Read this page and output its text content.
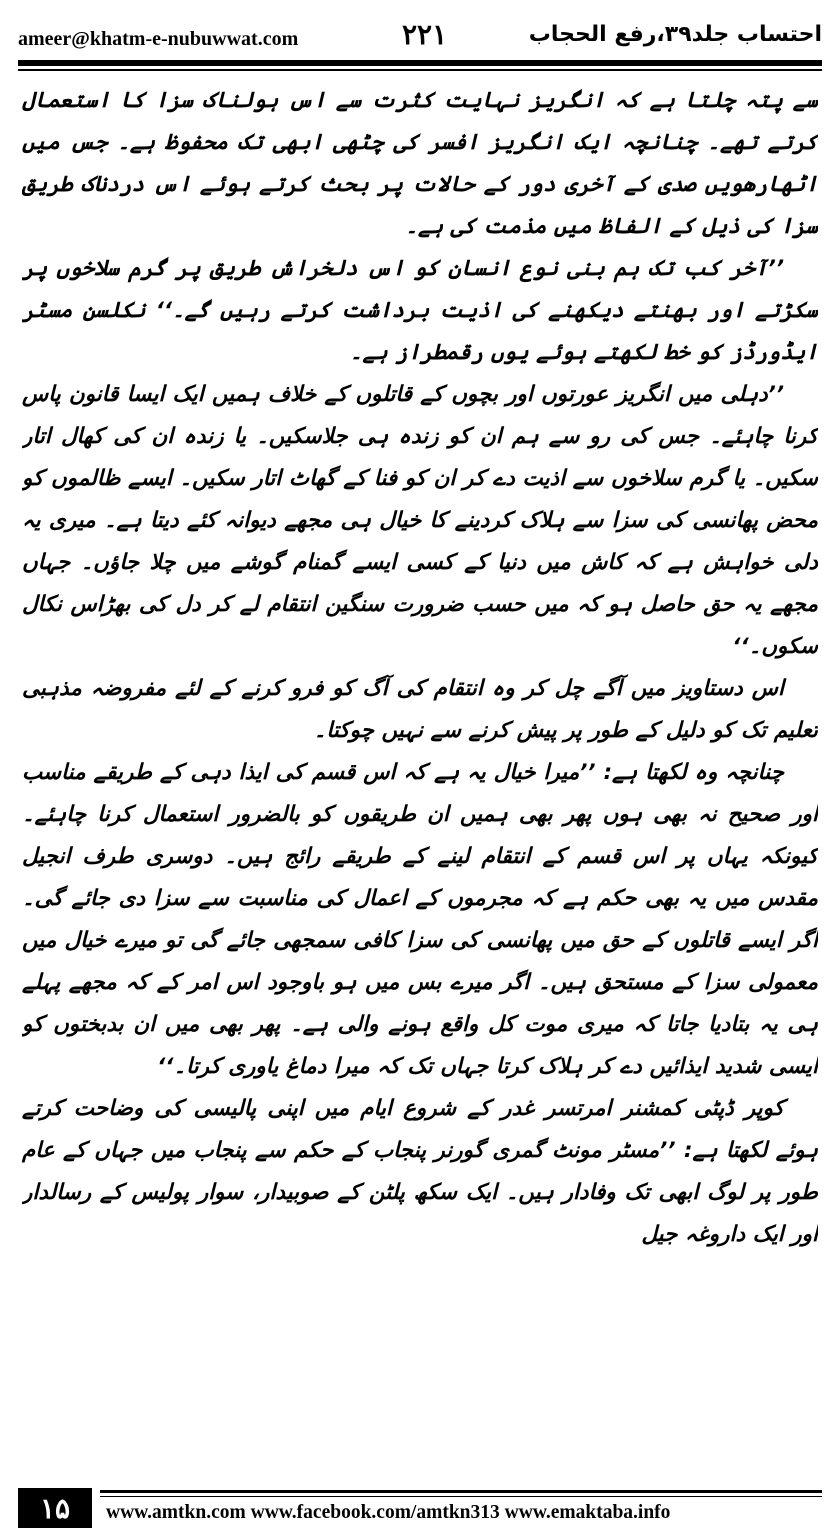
ameer@khatm-e-nubuwwat.com	۲۲۱	احتساب جلد۳۹،رفع الحجاب

سے پتہ چلتا ہے کہ انگریز نہایت کثرت سے اس ہولناک سزا کا استعمال کرتے تھے۔ چنانچہ ایک انگریز افسر کی چٹھی ابھی تک محفوظ ہے۔ جس میں اٹھارھویں صدی کے آخری دور کے حالات پر بحث کرتے ہوئے اس دردناک طریق سزا کی ذیل کے الفاظ میں مذمت کی ہے۔

’’آخر کب تک ہم بنی نوع انسان کو اس دلخراش طریق پر گرم سلاخوں پر سکڑتے اور بھنتے دیکھنے کی اذیت برداشت کرتے رہیں گے۔‘‘ نکلسن مسٹر ایڈورڈز کو خط لکھتے ہوئے یوں رقمطراز ہے۔

’’دہلی میں انگریز عورتوں اور بچوں کے قاتلوں کے خلاف ہمیں ایک ایسا قانون پاس کرنا چاہئے۔ جس کی رو سے ہم ان کو زندہ ہی جلاسکیں۔ یا زندہ ان کی کھال اتار سکیں۔ یا گرم سلاخوں سے اذیت دے کر ان کو فنا کے گھاٹ اتار سکیں۔ ایسے ظالموں کو محض پھانسی کی سزا سے ہلاک کردینے کا خیال ہی مجھے دیوانہ کئے دیتا ہے۔ میری یہ دلی خواہش ہے کہ کاش میں دنیا کے کسی ایسے گمنام گوشے میں چلا جاؤں۔ جہاں مجھے یہ حق حاصل ہو کہ میں حسب ضرورت سنگین انتقام لے کر دل کی بھڑاس نکال سکوں۔‘‘

اس دستاویز میں آگے چل کر وہ انتقام کی آگ کو فرو کرنے کے لئے مفروضہ مذہبی تعلیم تک کو دلیل کے طور پر پیش کرنے سے نہیں چوکتا۔

چنانچہ وہ لکھتا ہے: ’’میرا خیال یہ ہے کہ اس قسم کی ایذا دہی کے طریقے مناسب اور صحیح نہ بھی ہوں پھر بھی ہمیں ان طریقوں کو بالضرور استعمال کرنا چاہئے۔ کیونکہ یہاں پر اس قسم کے انتقام لینے کے طریقے رائج ہیں۔ دوسری طرف انجیل مقدس میں یہ بھی حکم ہے کہ مجرموں کے اعمال کی مناسبت سے سزا دی جائے گی۔ اگر ایسے قاتلوں کے حق میں پھانسی کی سزا کافی سمجھی جائے گی تو میرے خیال میں معمولی سزا کے مستحق ہیں۔ اگر میرے بس میں ہو باوجود اس امر کے کہ مجھے پہلے ہی یہ بتادیا جاتا کہ میری موت کل واقع ہونے والی ہے۔ پھر بھی میں ان بدبختوں کو ایسی شدید ایذائیں دے کر ہلاک کرتا جہاں تک کہ میرا دماغ یاوری کرتا۔‘‘

کوپر ڈپٹی کمشنر امرتسر غدر کے شروع ایام میں اپنی پالیسی کی وضاحت کرتے ہوئے لکھتا ہے: ’’مسٹر مونٹ گمری گورنر پنجاب کے حکم سے پنجاب میں جہاں کے عام طور پر لوگ ابھی تک وفادار ہیں۔ ایک سکھ پلٹن کے صوبیدار، سوار پولیس کے رسالدار اور ایک داروغہ جیل

۱۵	www.amtkn.com www.facebook.com/amtkn313 www.emaktaba.info
